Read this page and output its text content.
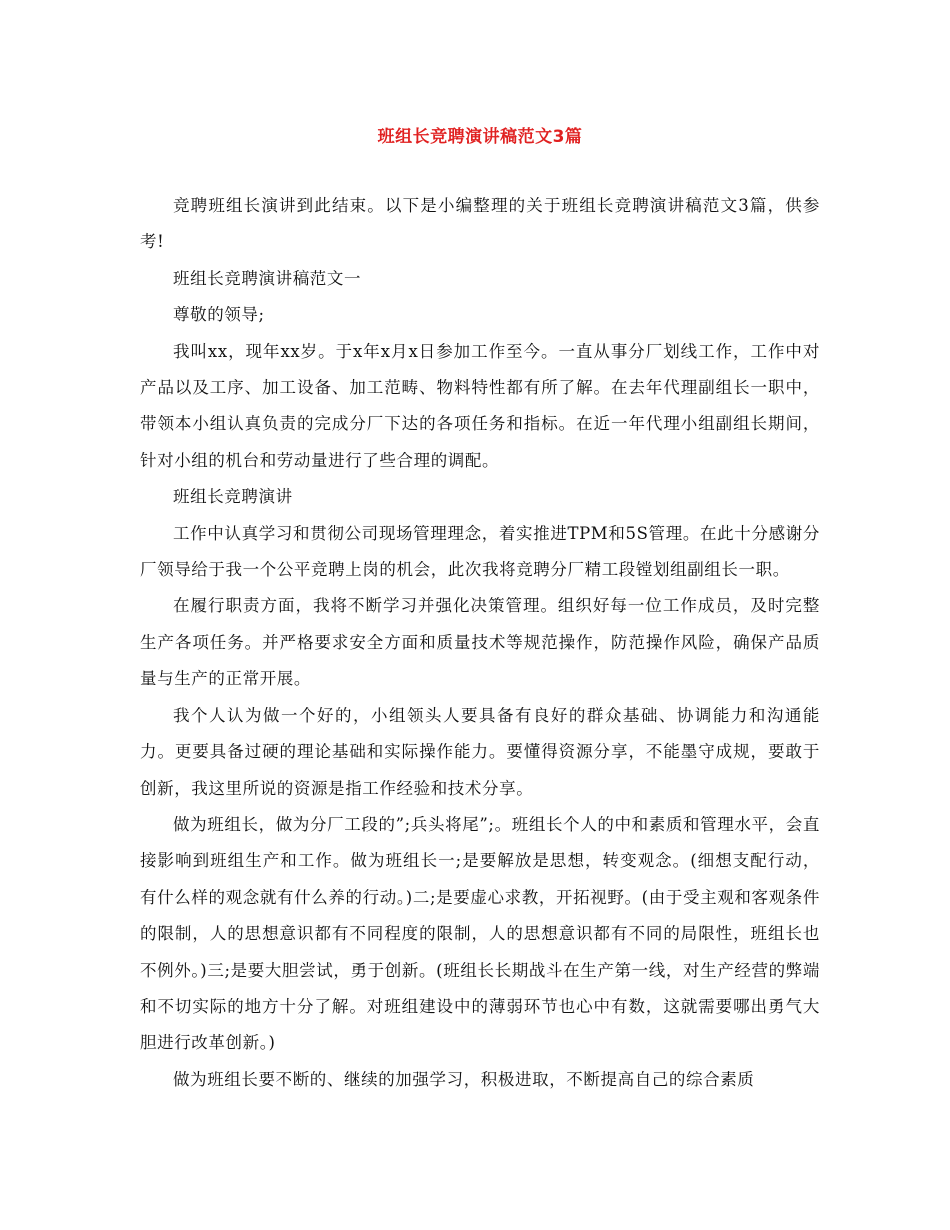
班组长竞聘演讲稿范文3篇

竞聘班组长演讲到此结束。以下是小编整理的关于班组长竞聘演讲稿范文3篇，供参考!

班组长竞聘演讲稿范文一

尊敬的领导;

我叫xx，现年xx岁。于x年x月x日参加工作至今。一直从事分厂划线工作，工作中对产品以及工序、加工设备、加工范畴、物料特性都有所了解。在去年代理副组长一职中，带领本小组认真负责的完成分厂下达的各项任务和指标。在近一年代理小组副组长期间，针对小组的机台和劳动量进行了些合理的调配。

班组长竞聘演讲

工作中认真学习和贯彻公司现场管理理念，着实推进TPM和5S管理。在此十分感谢分厂领导给于我一个公平竞聘上岗的机会，此次我将竞聘分厂精工段镗划组副组长一职。

在履行职责方面，我将不断学习并强化决策管理。组织好每一位工作成员，及时完整生产各项任务。并严格要求安全方面和质量技术等规范操作，防范操作风险，确保产品质量与生产的正常开展。

我个人认为做一个好的，小组领头人要具备有良好的群众基础、协调能力和沟通能力。更要具备过硬的理论基础和实际操作能力。要懂得资源分享，不能墨守成规，要敢于创新，我这里所说的资源是指工作经验和技术分享。

做为班组长，做为分厂工段的”;兵头将尾”;。班组长个人的中和素质和管理水平，会直接影响到班组生产和工作。做为班组长一;是要解放是思想，转变观念。(细想支配行动，有什么样的观念就有什么养的行动。)二;是要虚心求教，开拓视野。(由于受主观和客观条件的限制，人的思想意识都有不同程度的限制，人的思想意识都有不同的局限性，班组长也不例外。)三;是要大胆尝试，勇于创新。(班组长长期战斗在生产第一线，对生产经营的弊端和不切实际的地方十分了解。对班组建设中的薄弱环节也心中有数，这就需要哪出勇气大胆进行改革创新。)

做为班组长要不断的、继续的加强学习，积极进取，不断提高自己的综合素质
